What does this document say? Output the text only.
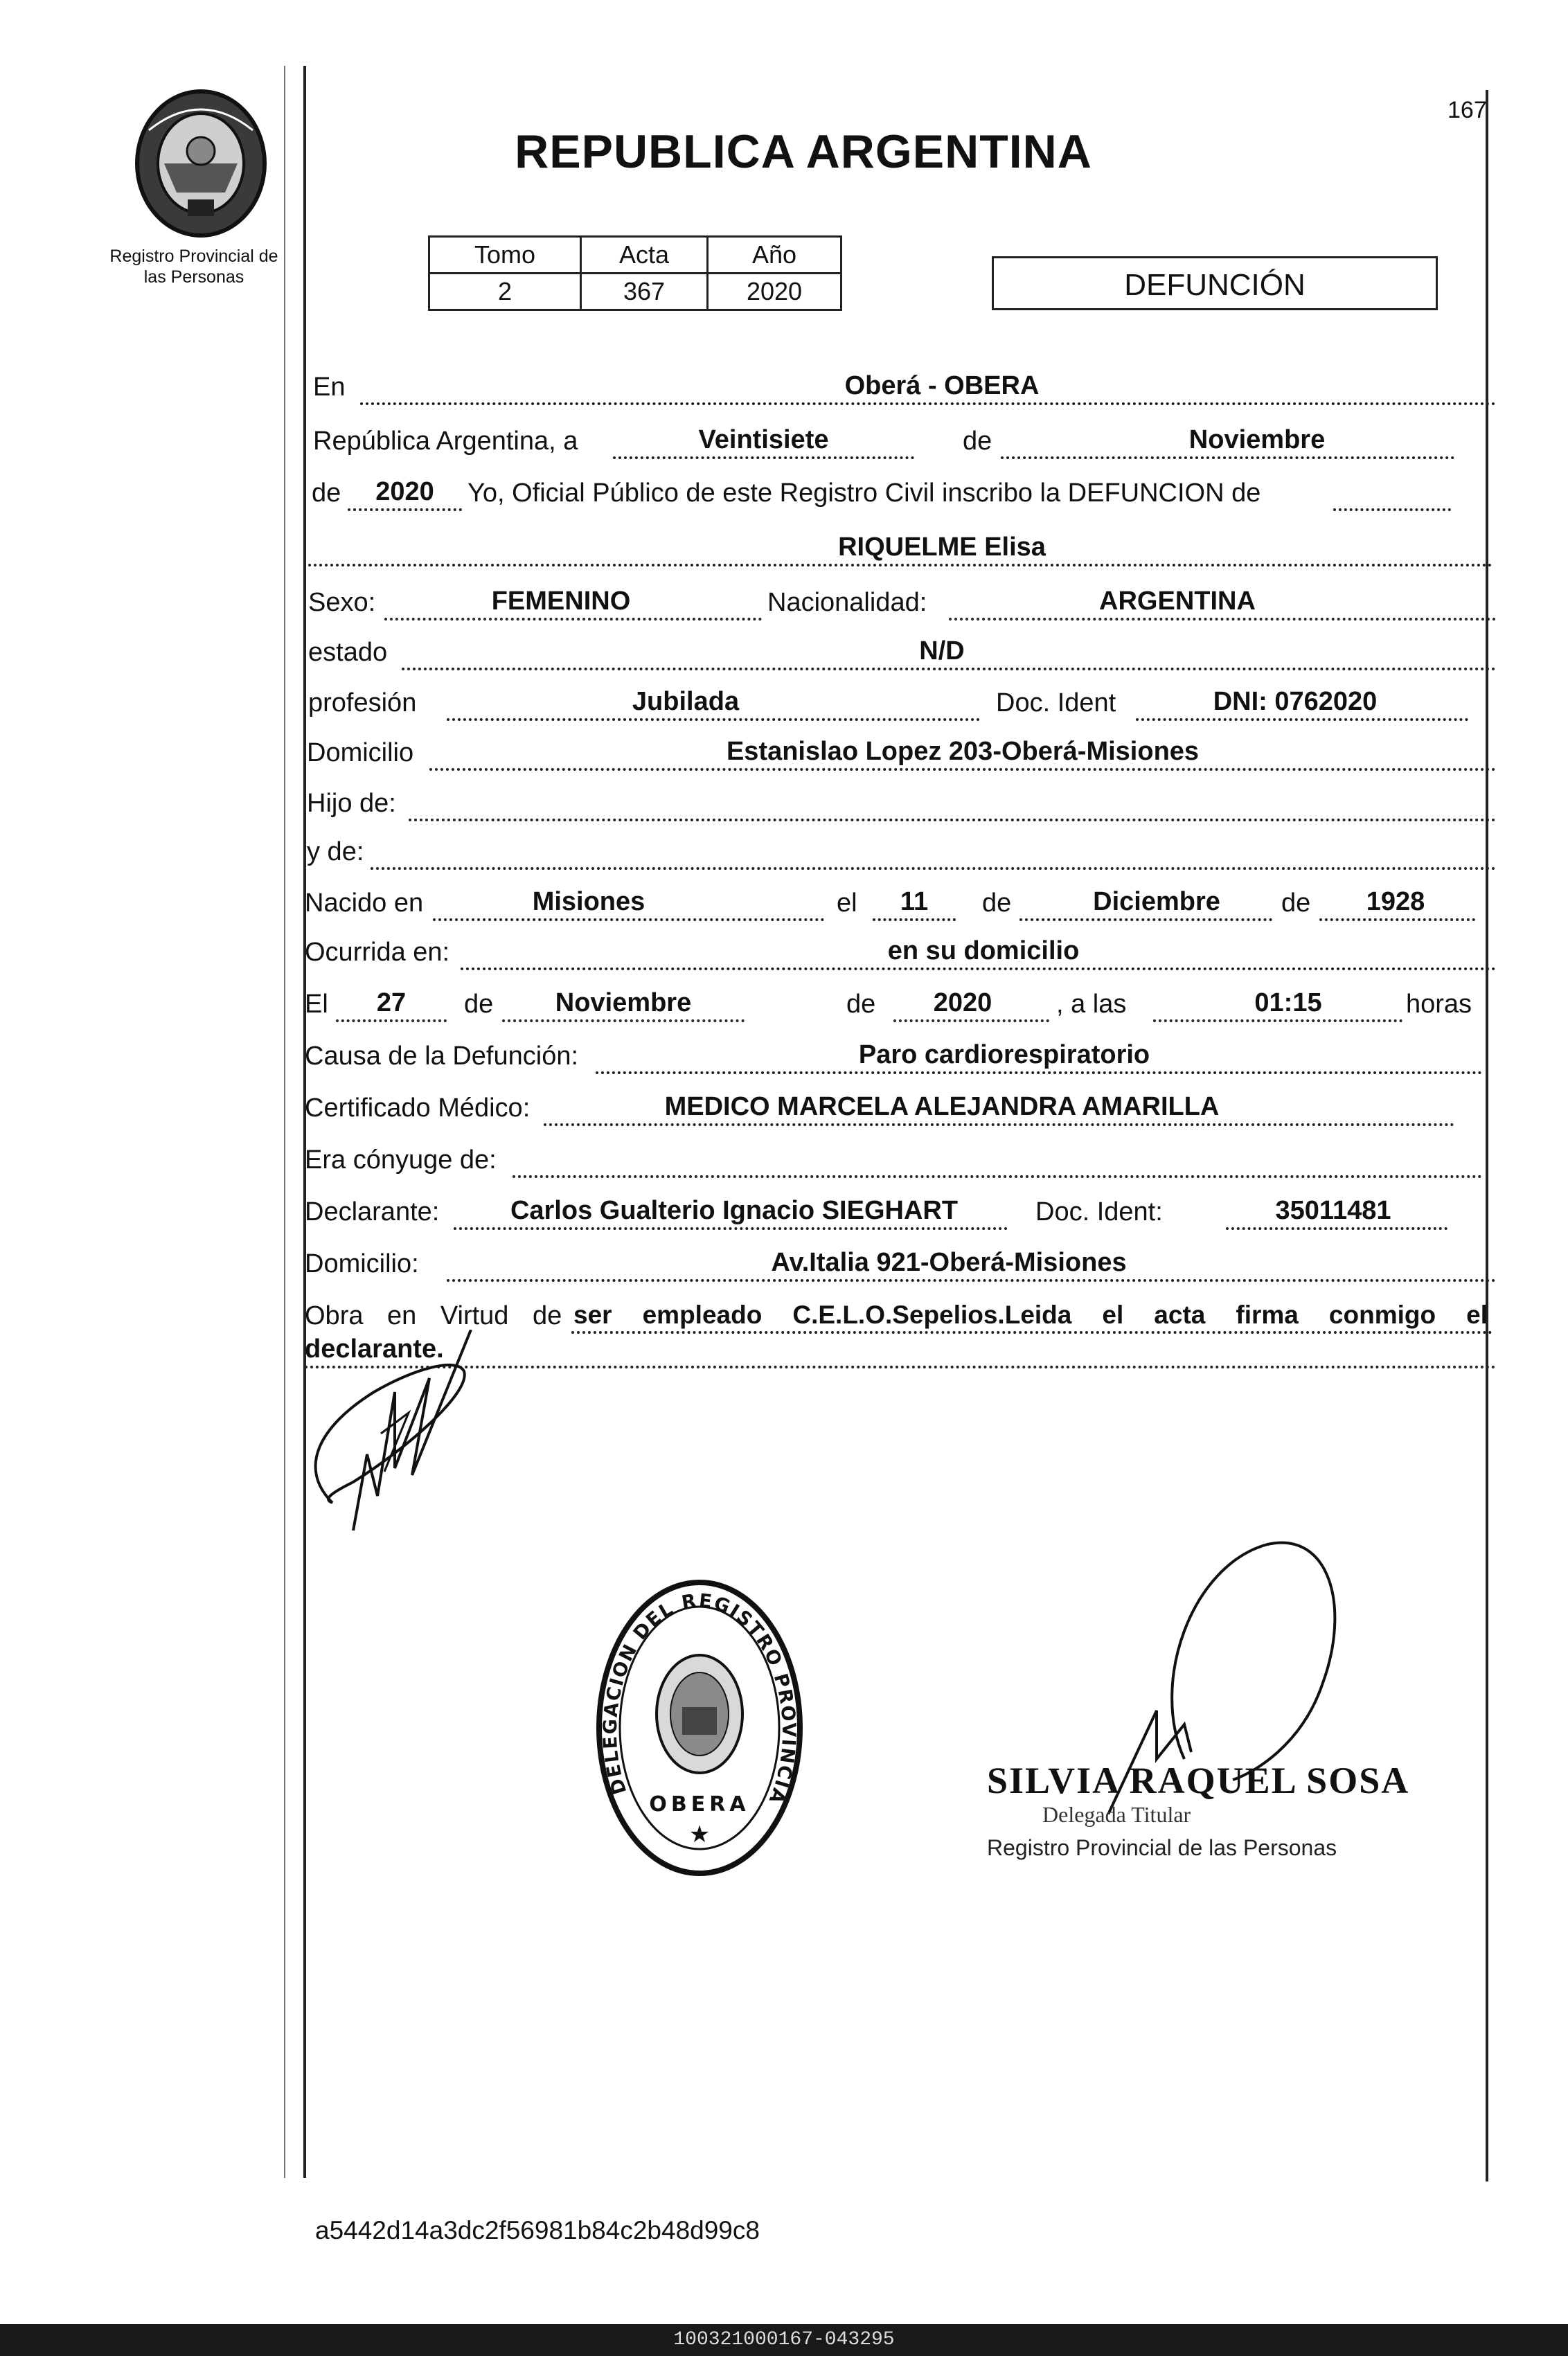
Registro Provincial de
las Personas
167
REPUBLICA ARGENTINA
Tomo	Acta	Año
2	367	2020	DEFUNCIÓN
En	Oberá - OBERA
República Argentina, a	Veintisiete	de	Noviembre
de	2020	Yo, Oficial Público de este Registro Civil inscribo la DEFUNCION de
RIQUELME Elisa
Sexo:	FEMENINO	Nacionalidad:	ARGENTINA
estado	N/D
profesión	Jubilada	Doc. Ident	DNI: 0762020
Domicilio	Estanislao Lopez 203-Oberá-Misiones
Hijo de:
y de:
Nacido en	Misiones	el	11	de	Diciembre	de	1928
Ocurrida en:	en su domicilio
El	27	de	Noviembre	de	2020	, a las	01:15	horas
Causa de la Defunción:	Paro cardiorespiratorio
Certificado Médico:	MEDICO MARCELA ALEJANDRA AMARILLA
Era cónyuge de:
Declarante:	Carlos Gualterio Ignacio SIEGHART	Doc. Ident:	35011481
Domicilio:	Av.Italia 921-Oberá-Misiones
Obra en Virtud de ser empleado C.E.L.O.Sepelios.Leida el acta firma conmigo el
declarante.
DELEGACION DEL REGISTRO PROVINCIA
OBERA
★
SILVIA RAQUEL SOSA
Delegada Titular
Registro Provincial de las Personas
a5442d14a3dc2f56981b84c2b48d99c8
100321000167-043295
